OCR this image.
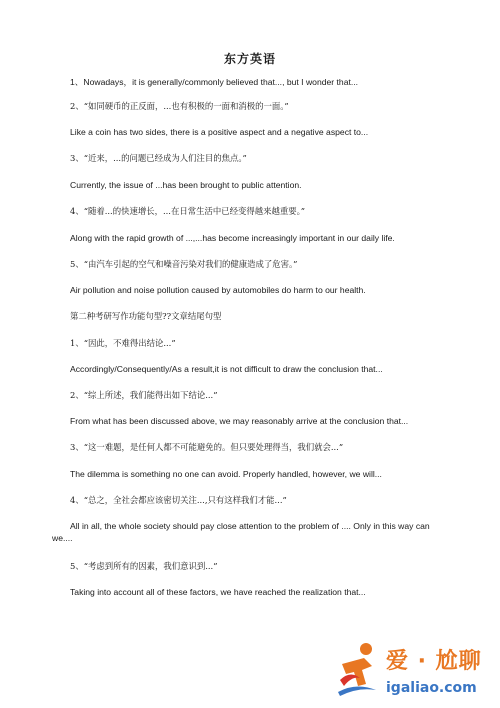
东方英语
1、Nowadays，it is generally/commonly believed that..., but I wonder that...
2、“如同硬币的正反面，...也有积极的一面和消极的一面。”
Like a coin has two sides, there is a positive aspect and a negative aspect to...
3、“近来，...的问题已经成为人们注目的焦点。”
Currently, the issue of ...has been brought to public attention.
4、“随着...的快速增长，...在日常生活中已经变得越来越重要。”
Along with the rapid growth of ...,...has become increasingly important in our daily life.
5、“由汽车引起的空气和噪音污染对我们的健康造成了危害。”
Air pollution and noise pollution caused by automobiles do harm to our health.
第二种考研写作功能句型??文章结尾句型
1、“因此，不难得出结论...”
Accordingly/Consequently/As a result,it is not difficult to draw the conclusion that...
2、“综上所述，我们能得出如下结论...”
From what has been discussed above, we may reasonably arrive at the conclusion that...
3、“这一难题，是任何人都不可能避免的。但只要处理得当，我们就会...”
The dilemma is something no one can avoid. Properly handled, however, we will...
4、“总之，全社会都应该密切关注...,只有这样我们才能...”
All in all, the whole society should pay close attention to the problem of .... Only in this way can we....
5、“考虑到所有的因素，我们意识到...”
Taking into account all of these factors, we have reached the realization that...
爱 · 尬聊
igaliao.com
